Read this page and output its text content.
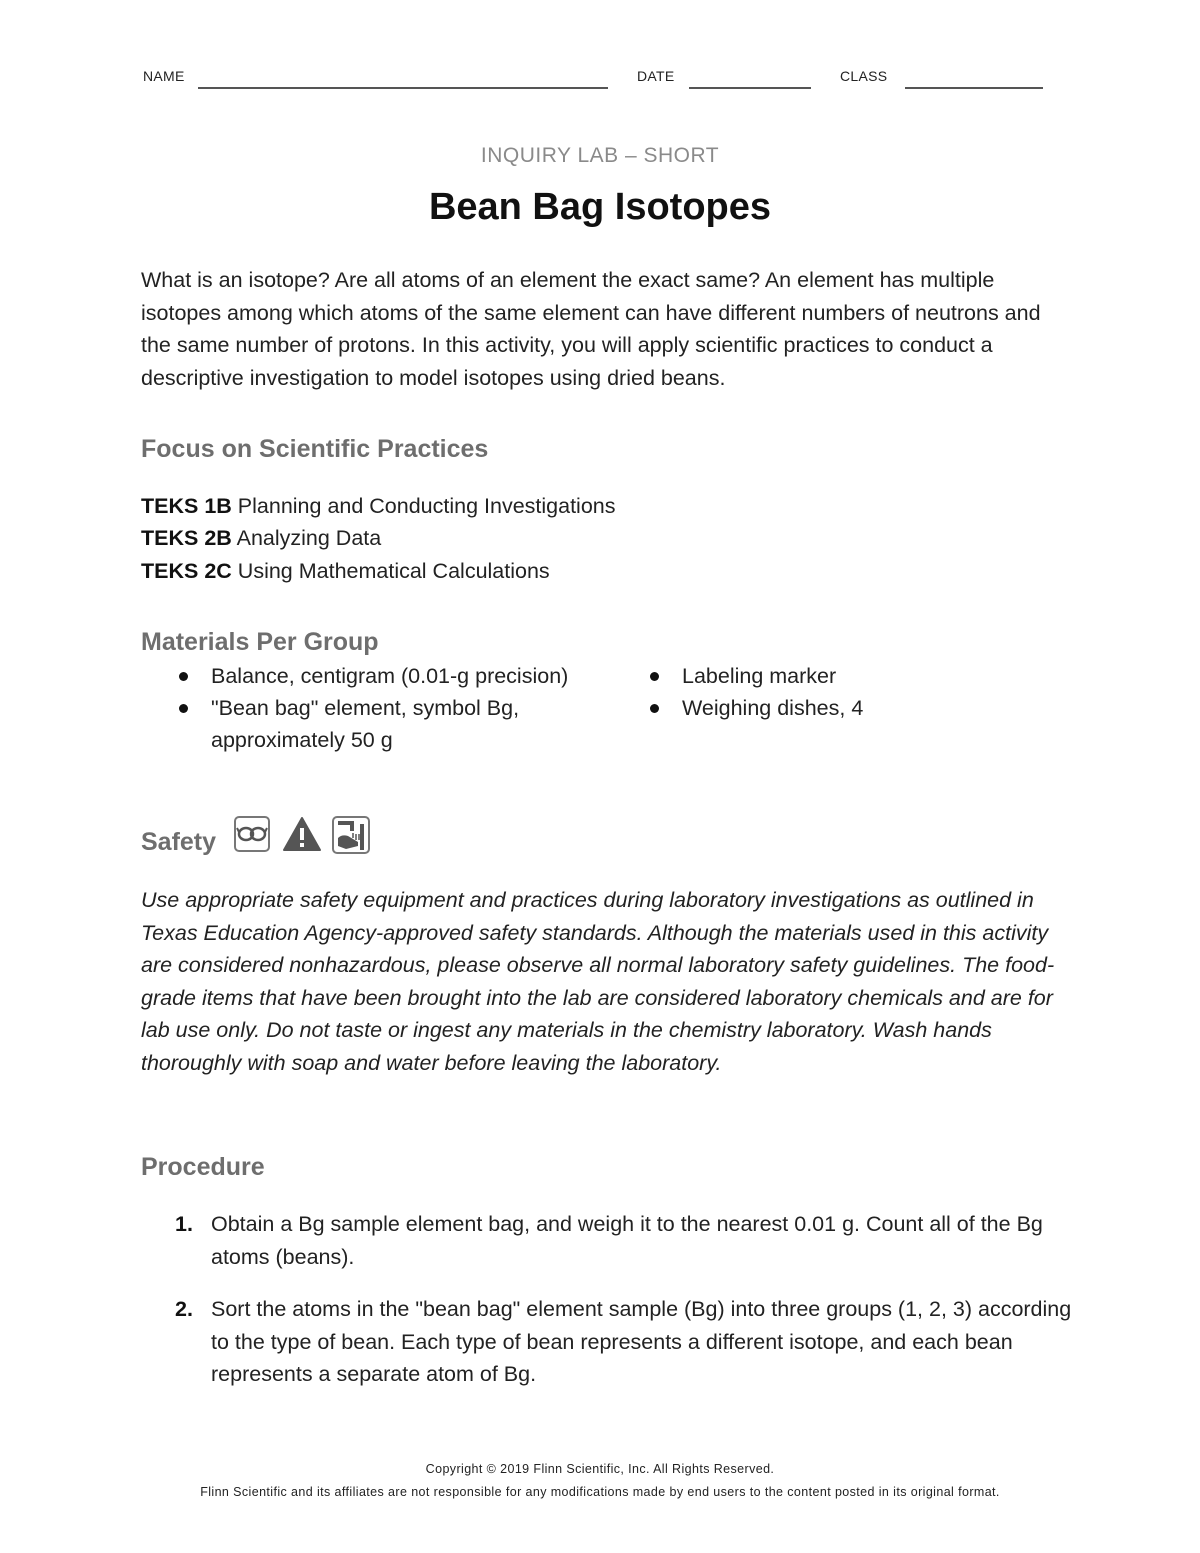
NAME	DATE	CLASS
INQUIRY LAB – SHORT
Bean Bag Isotopes

What is an isotope? Are all atoms of an element the exact same? An element has multiple isotopes among which atoms of the same element can have different numbers of neutrons and the same number of protons. In this activity, you will apply scientific practices to conduct a descriptive investigation to model isotopes using dried beans.

Focus on Scientific Practices
TEKS 1B Planning and Conducting Investigations
TEKS 2B Analyzing Data
TEKS 2C Using Mathematical Calculations
Materials Per Group
Balance, centigram (0.01-g precision)
"Bean bag" element, symbol Bg, approximately 50 g
Labeling marker
Weighing dishes, 4
Safety

Use appropriate safety equipment and practices during laboratory investigations as outlined in Texas Education Agency-approved safety standards. Although the materials used in this activity are considered nonhazardous, please observe all normal laboratory safety guidelines. The food-grade items that have been brought into the lab are considered laboratory chemicals and are for lab use only. Do not taste or ingest any materials in the chemistry laboratory. Wash hands thoroughly with soap and water before leaving the laboratory.

Procedure
1. Obtain a Bg sample element bag, and weigh it to the nearest 0.01 g. Count all of the Bg atoms (beans).
2. Sort the atoms in the "bean bag" element sample (Bg) into three groups (1, 2, 3) according to the type of bean. Each type of bean represents a different isotope, and each bean represents a separate atom of Bg.
Copyright © 2019 Flinn Scientific, Inc. All Rights Reserved.
Flinn Scientific and its affiliates are not responsible for any modifications made by end users to the content posted in its original format.
